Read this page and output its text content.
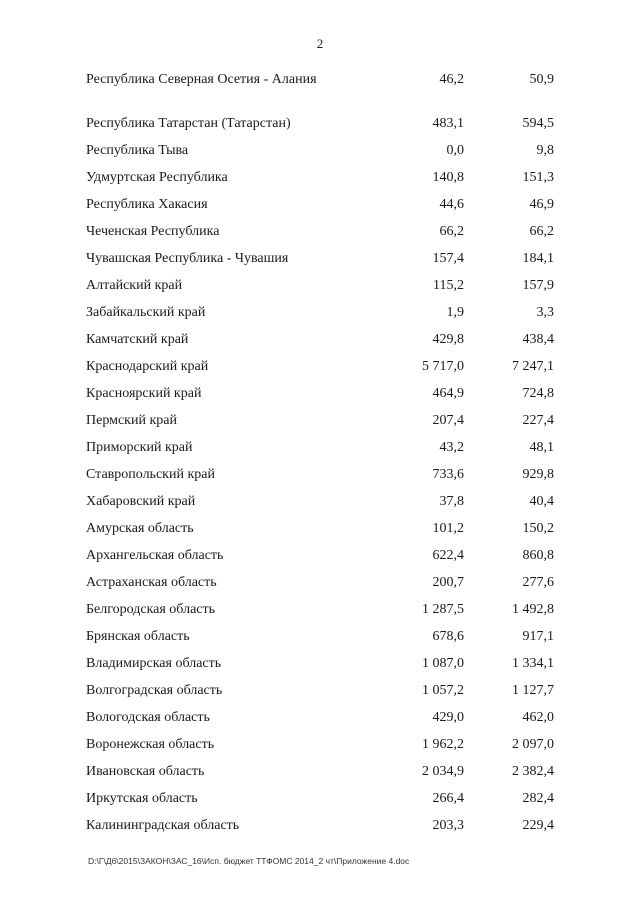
2
Республика Северная Осетия - Алания	46,2	50,9
Республика Татарстан (Татарстан)	483,1	594,5
Республика Тыва	0,0	9,8
Удмуртская Республика	140,8	151,3
Республика Хакасия	44,6	46,9
Чеченская Республика	66,2	66,2
Чувашская Республика - Чувашия	157,4	184,1
Алтайский край	115,2	157,9
Забайкальский край	1,9	3,3
Камчатский край	429,8	438,4
Краснодарский край	5 717,0	7 247,1
Красноярский край	464,9	724,8
Пермский край	207,4	227,4
Приморский край	43,2	48,1
Ставропольский край	733,6	929,8
Хабаровский край	37,8	40,4
Амурская область	101,2	150,2
Архангельская область	622,4	860,8
Астраханская область	200,7	277,6
Белгородская область	1 287,5	1 492,8
Брянская область	678,6	917,1
Владимирская область	1 087,0	1 334,1
Волгоградская область	1 057,2	1 127,7
Вологодская область	429,0	462,0
Воронежская область	1 962,2	2 097,0
Ивановская область	2 034,9	2 382,4
Иркутская область	266,4	282,4
Калининградская область	203,3	229,4
D:\Г\Д6\2015\ЗАКОН\ЗАС_16\Исп. бюджет ТТФОМС 2014_2 чт\Приложение 4.doc
